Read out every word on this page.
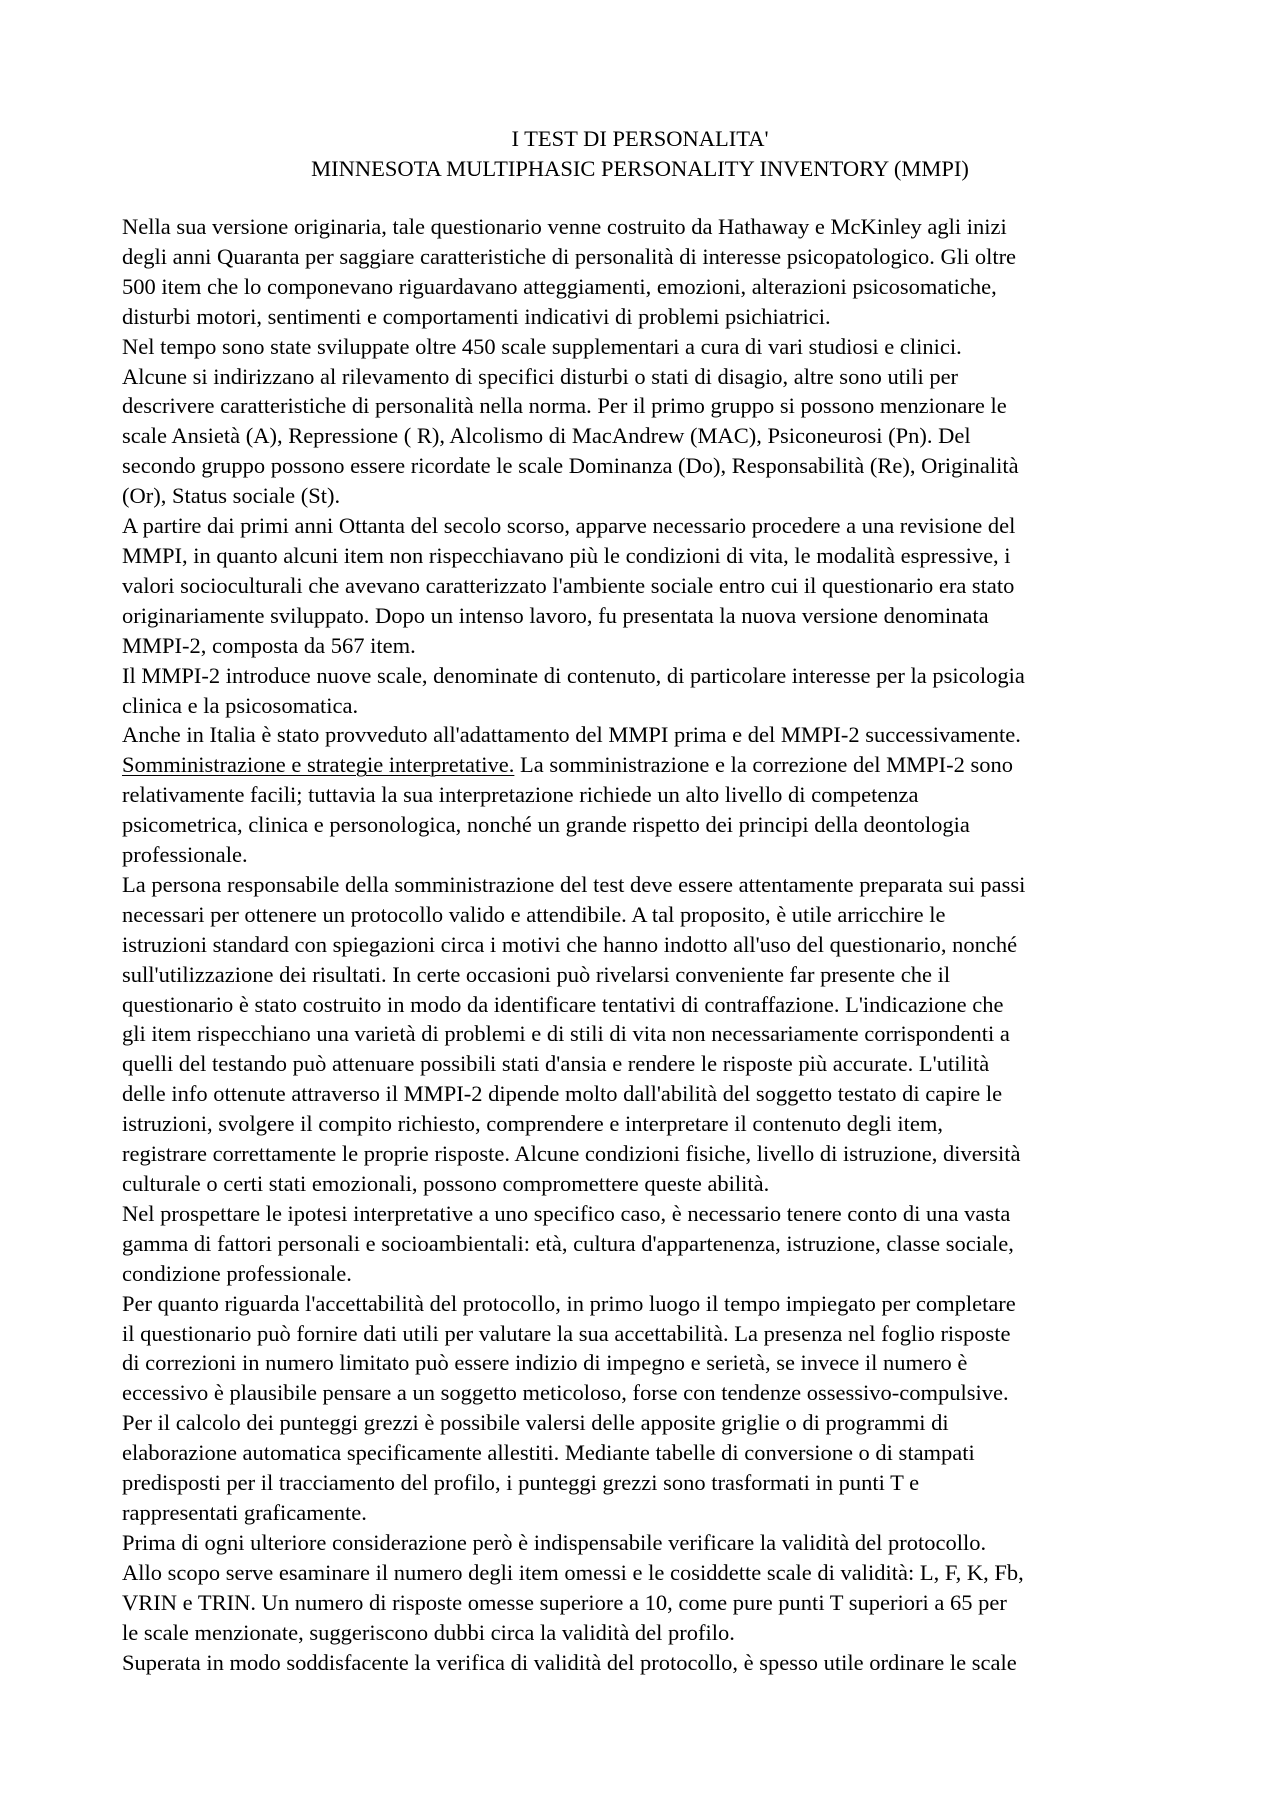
I TEST DI PERSONALITA'
MINNESOTA MULTIPHASIC PERSONALITY INVENTORY (MMPI)
Nella sua versione originaria, tale questionario venne costruito da Hathaway e McKinley agli inizi
degli anni Quaranta per saggiare caratteristiche di personalità di interesse psicopatologico. Gli oltre
500 item che lo componevano riguardavano atteggiamenti, emozioni, alterazioni psicosomatiche,
disturbi motori, sentimenti e comportamenti indicativi di problemi psichiatrici.
Nel tempo sono state sviluppate oltre 450 scale supplementari a cura di vari studiosi e clinici.
Alcune si indirizzano al rilevamento di specifici disturbi o stati di disagio, altre sono utili per
descrivere caratteristiche di personalità nella norma. Per il primo gruppo si possono menzionare le
scale Ansietà (A), Repressione ( R), Alcolismo di MacAndrew (MAC), Psiconeurosi (Pn). Del
secondo gruppo possono essere ricordate le scale Dominanza (Do), Responsabilità (Re), Originalità
(Or), Status sociale (St).
A partire dai primi anni Ottanta del secolo scorso, apparve necessario procedere a una revisione del
MMPI, in quanto alcuni item non rispecchiavano più le condizioni di vita, le modalità espressive, i
valori socioculturali che avevano caratterizzato l'ambiente sociale entro cui il questionario era stato
originariamente sviluppato. Dopo un intenso lavoro, fu presentata la nuova versione denominata
MMPI-2, composta da 567 item.
Il MMPI-2 introduce nuove scale, denominate di contenuto, di particolare interesse per la psicologia
clinica e la psicosomatica.
Anche in Italia è stato provveduto all'adattamento del MMPI prima e del MMPI-2 successivamente.
Somministrazione e strategie interpretative. La somministrazione e la correzione del MMPI-2 sono
relativamente facili; tuttavia la sua interpretazione richiede un alto livello di competenza
psicometrica, clinica e personologica, nonché un grande rispetto dei principi della deontologia
professionale.
La persona responsabile della somministrazione del test deve essere attentamente preparata sui passi
necessari per ottenere un protocollo valido e attendibile. A tal proposito, è utile arricchire le
istruzioni standard con spiegazioni circa i motivi che hanno indotto all'uso del questionario, nonché
sull'utilizzazione dei risultati. In certe occasioni può rivelarsi conveniente far presente che il
questionario è stato costruito in modo da identificare tentativi di contraffazione. L'indicazione che
gli item rispecchiano una varietà di problemi e di stili di vita non necessariamente corrispondenti a
quelli del testando può attenuare possibili stati d'ansia e rendere le risposte più accurate. L'utilità
delle info ottenute attraverso il MMPI-2 dipende molto dall'abilità del soggetto testato di capire le
istruzioni, svolgere il compito richiesto, comprendere e interpretare il contenuto degli item,
registrare correttamente le proprie risposte. Alcune condizioni fisiche, livello di istruzione, diversità
culturale o certi stati emozionali, possono compromettere queste abilità.
Nel prospettare le ipotesi interpretative a uno specifico caso, è necessario tenere conto di una vasta
gamma di fattori personali e socioambientali: età, cultura d'appartenenza, istruzione, classe sociale,
condizione professionale.
Per quanto riguarda l'accettabilità del protocollo, in primo luogo il tempo impiegato per completare
il questionario può fornire dati utili per valutare la sua accettabilità. La presenza nel foglio risposte
di correzioni in numero limitato può essere indizio di impegno e serietà, se invece il numero è
eccessivo è plausibile pensare a un soggetto meticoloso, forse con tendenze ossessivo-compulsive.
Per il calcolo dei punteggi grezzi è possibile valersi delle apposite griglie o di programmi di
elaborazione automatica specificamente allestiti. Mediante tabelle di conversione o di stampati
predisposti per il tracciamento del profilo, i punteggi grezzi sono trasformati in punti T e
rappresentati graficamente.
Prima di ogni ulteriore considerazione però è indispensabile verificare la validità del protocollo.
Allo scopo serve esaminare il numero degli item omessi e le cosiddette scale di validità: L, F, K, Fb,
VRIN e TRIN. Un numero di risposte omesse superiore a 10, come pure punti T superiori a 65 per
le scale menzionate, suggeriscono dubbi circa la validità del profilo.
Superata in modo soddisfacente la verifica di validità del protocollo, è spesso utile ordinare le scale
